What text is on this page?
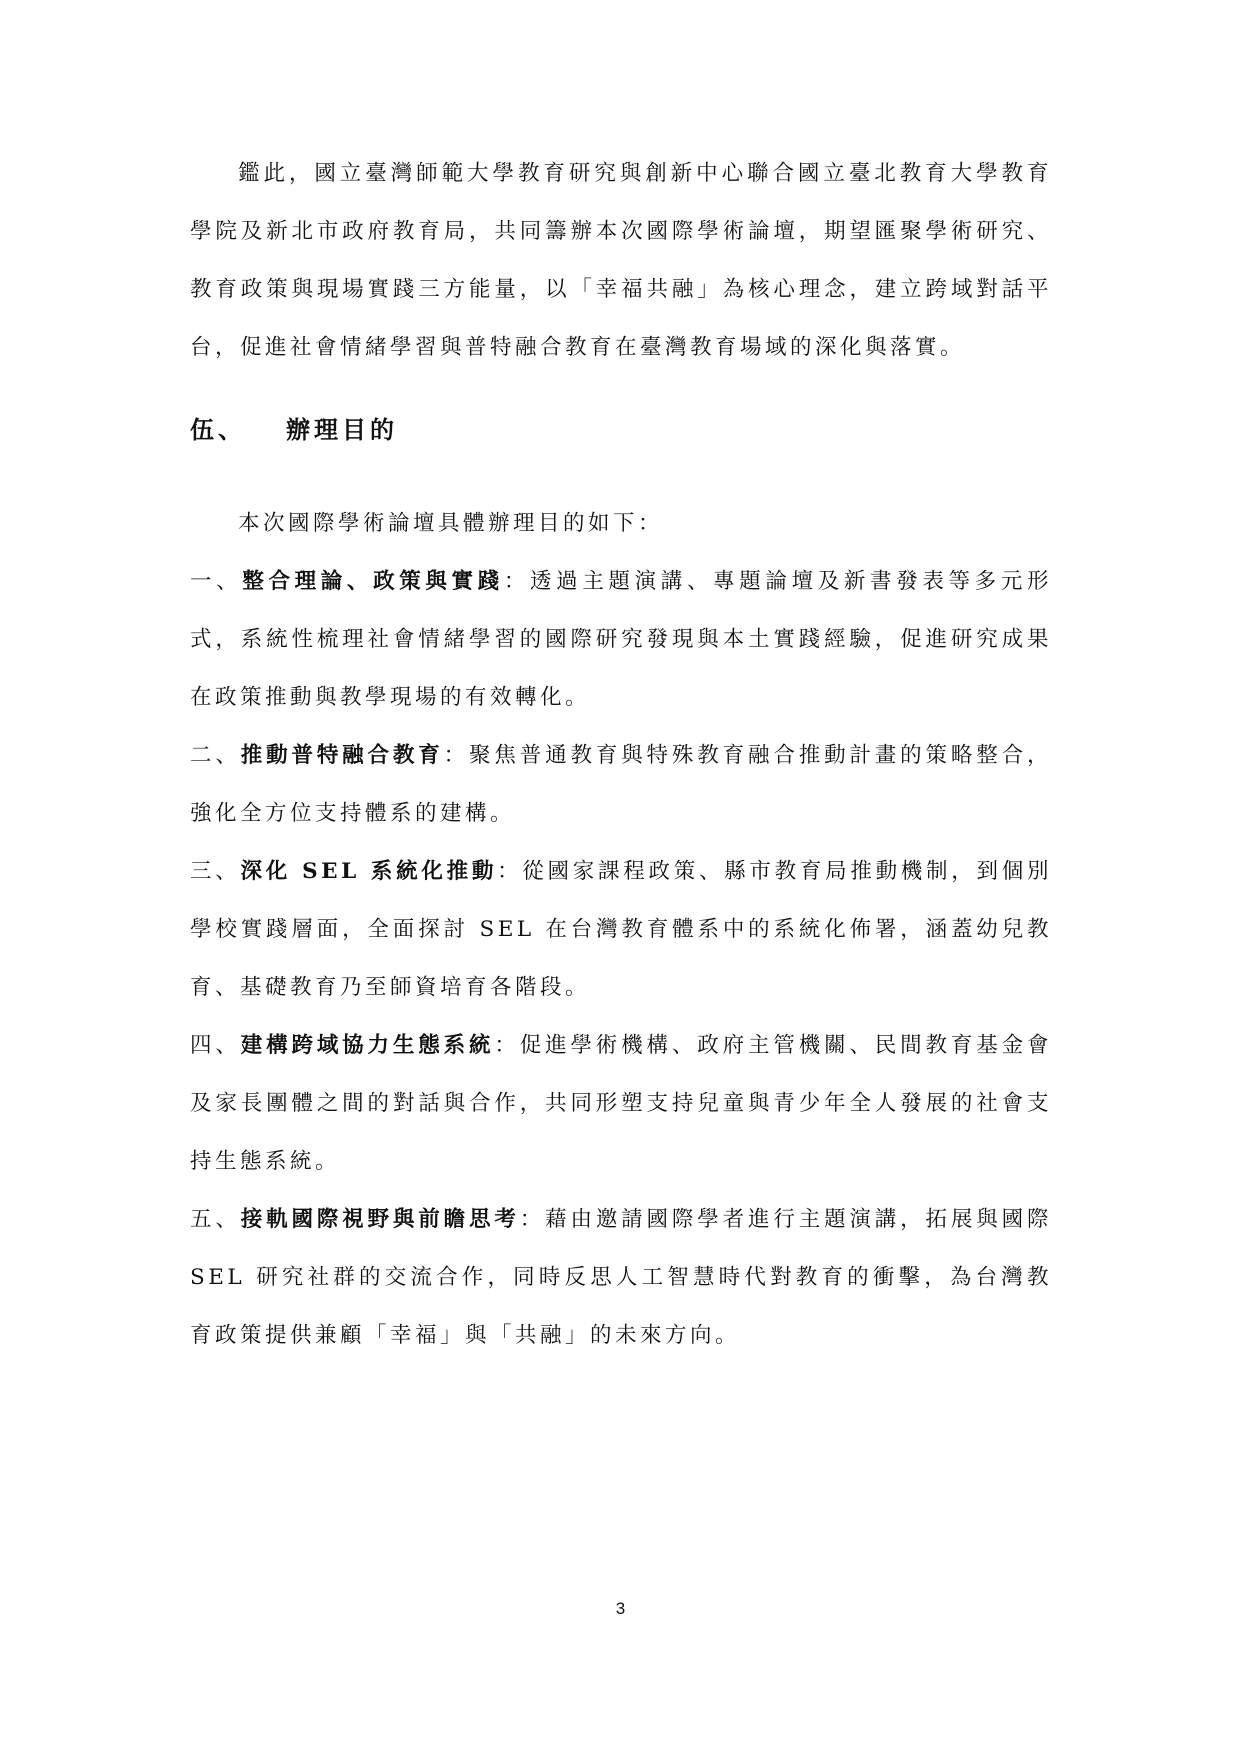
鑑此，國立臺灣師範大學教育研究與創新中心聯合國立臺北教育大學教育學院及新北市政府教育局，共同籌辦本次國際學術論壇，期望匯聚學術研究、教育政策與現場實踐三方能量，以「幸福共融」為核心理念，建立跨域對話平台，促進社會情緒學習與普特融合教育在臺灣教育場域的深化與落實。

伍、 辦理目的

本次國際學術論壇具體辦理目的如下：

一、整合理論、政策與實踐：透過主題演講、專題論壇及新書發表等多元形式，系統性梳理社會情緒學習的國際研究發現與本土實踐經驗，促進研究成果在政策推動與教學現場的有效轉化。

二、推動普特融合教育：聚焦普通教育與特殊教育融合推動計畫的策略整合，強化全方位支持體系的建構。

三、深化 SEL 系統化推動：從國家課程政策、縣市教育局推動機制，到個別學校實踐層面，全面探討 SEL 在台灣教育體系中的系統化佈署，涵蓋幼兒教育、基礎教育乃至師資培育各階段。

四、建構跨域協力生態系統：促進學術機構、政府主管機關、民間教育基金會及家長團體之間的對話與合作，共同形塑支持兒童與青少年全人發展的社會支持生態系統。

五、接軌國際視野與前瞻思考：藉由邀請國際學者進行主題演講，拓展與國際 SEL 研究社群的交流合作，同時反思人工智慧時代對教育的衝擊，為台灣教育政策提供兼顧「幸福」與「共融」的未來方向。

3
